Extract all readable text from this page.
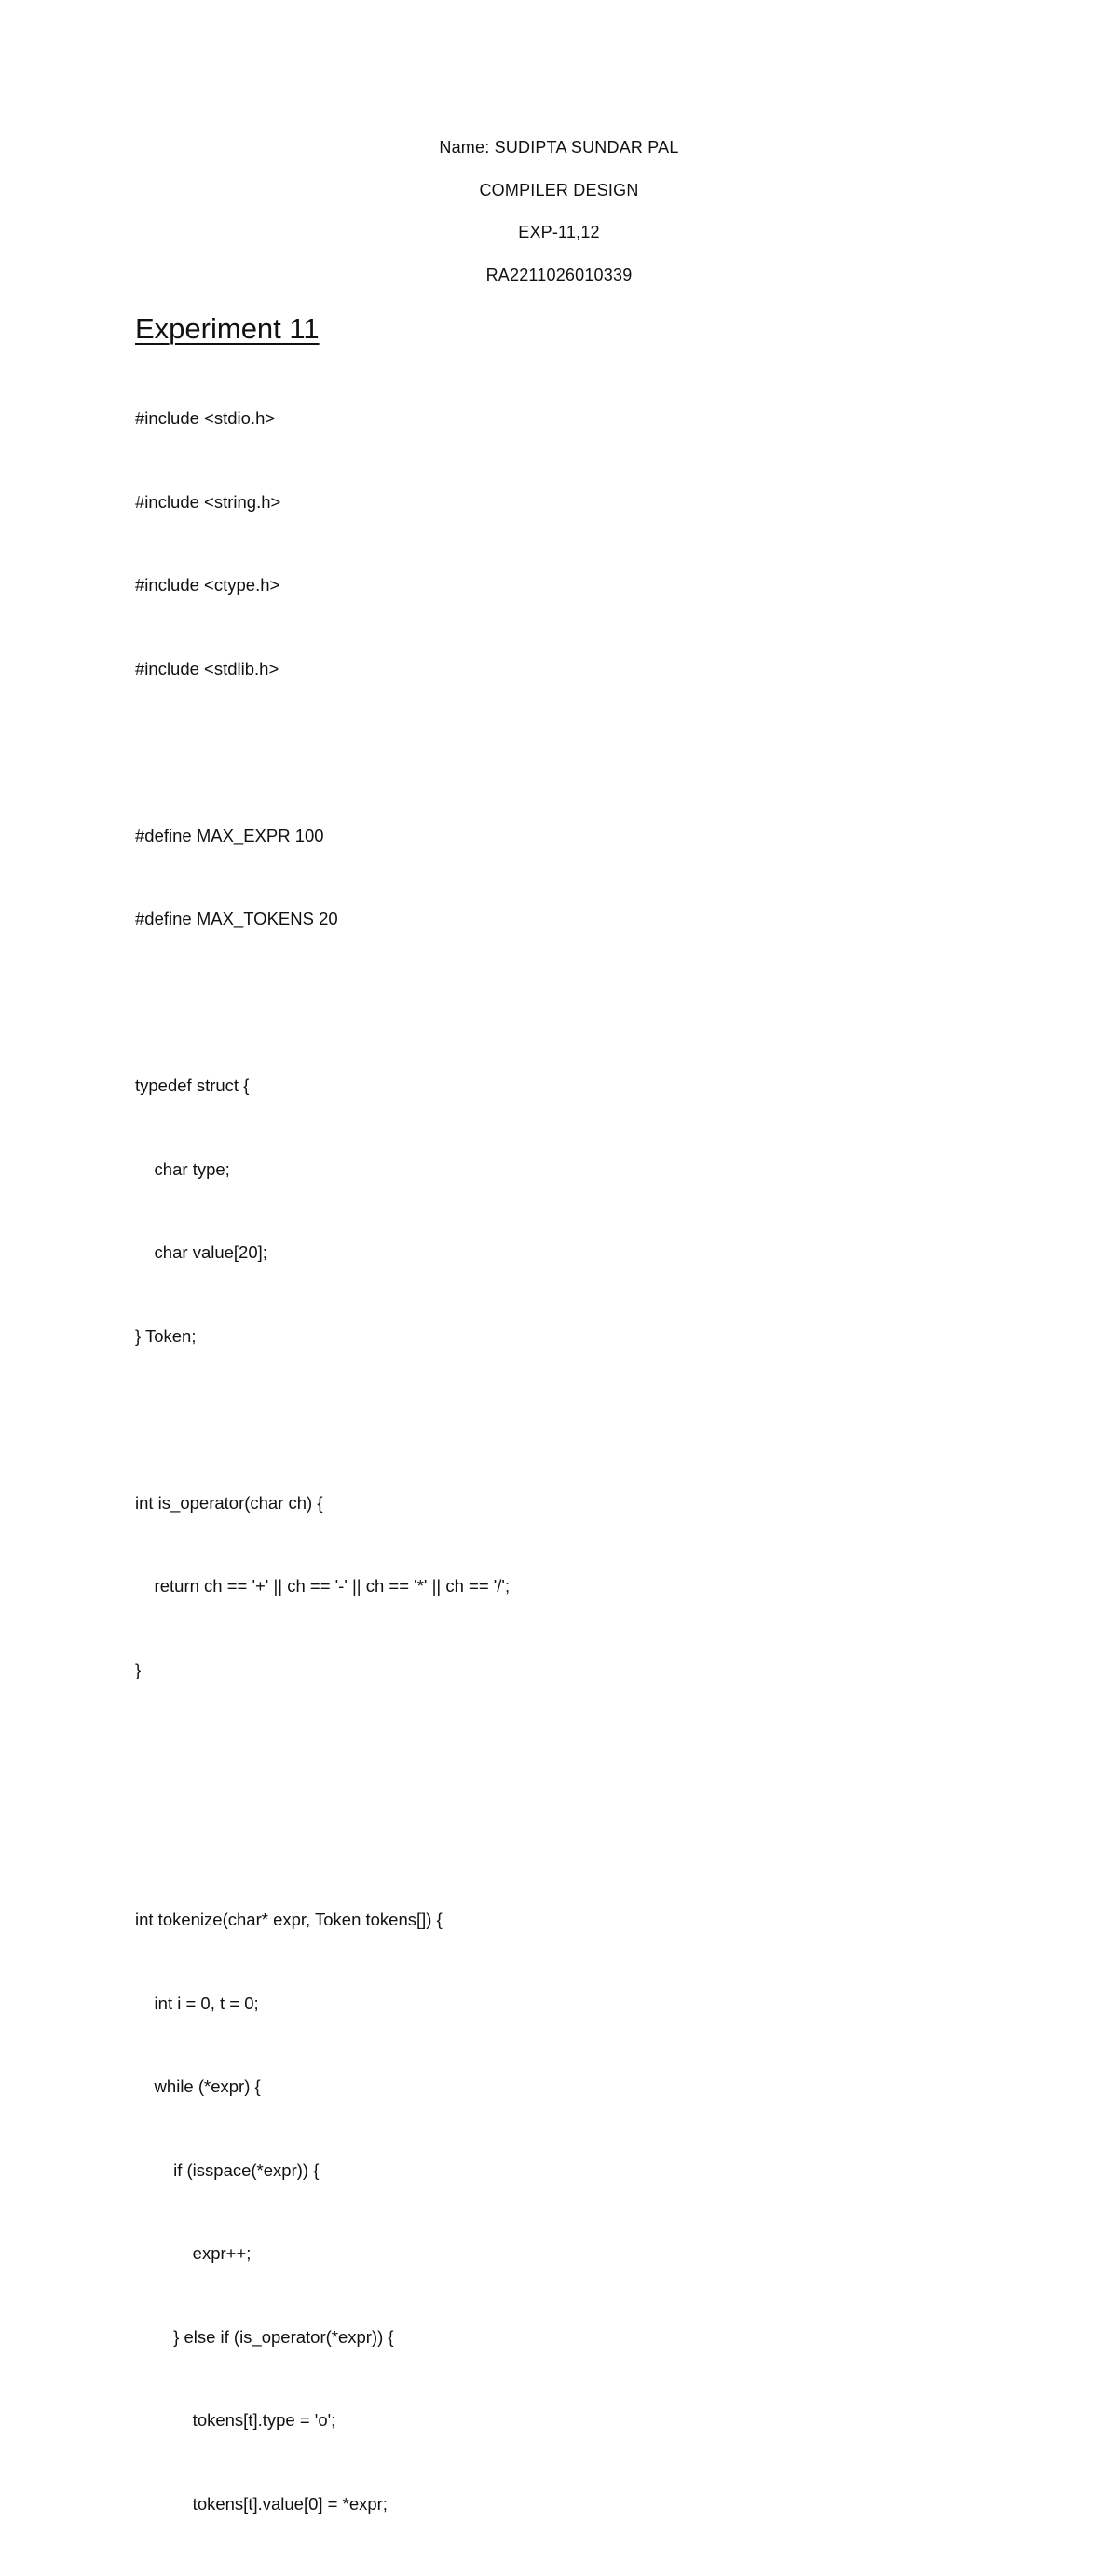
Name: SUDIPTA SUNDAR PAL
COMPILER DESIGN
EXP-11,12
RA2211026010339
Experiment 11

#include <stdio.h>

#include <string.h>

#include <ctype.h>

#include <stdlib.h>

#define MAX_EXPR 100

#define MAX_TOKENS 20

typedef struct {

char type;

char value[20];

} Token;

int is_operator(char ch) {

return ch == '+' || ch == '-' || ch == '*' || ch == '/';

}

int tokenize(char* expr, Token tokens[]) {

int i = 0, t = 0;

while (*expr) {

if (isspace(*expr)) {

expr++;

} else if (is_operator(*expr)) {

tokens[t].type = 'o';

tokens[t].value[0] = *expr;
